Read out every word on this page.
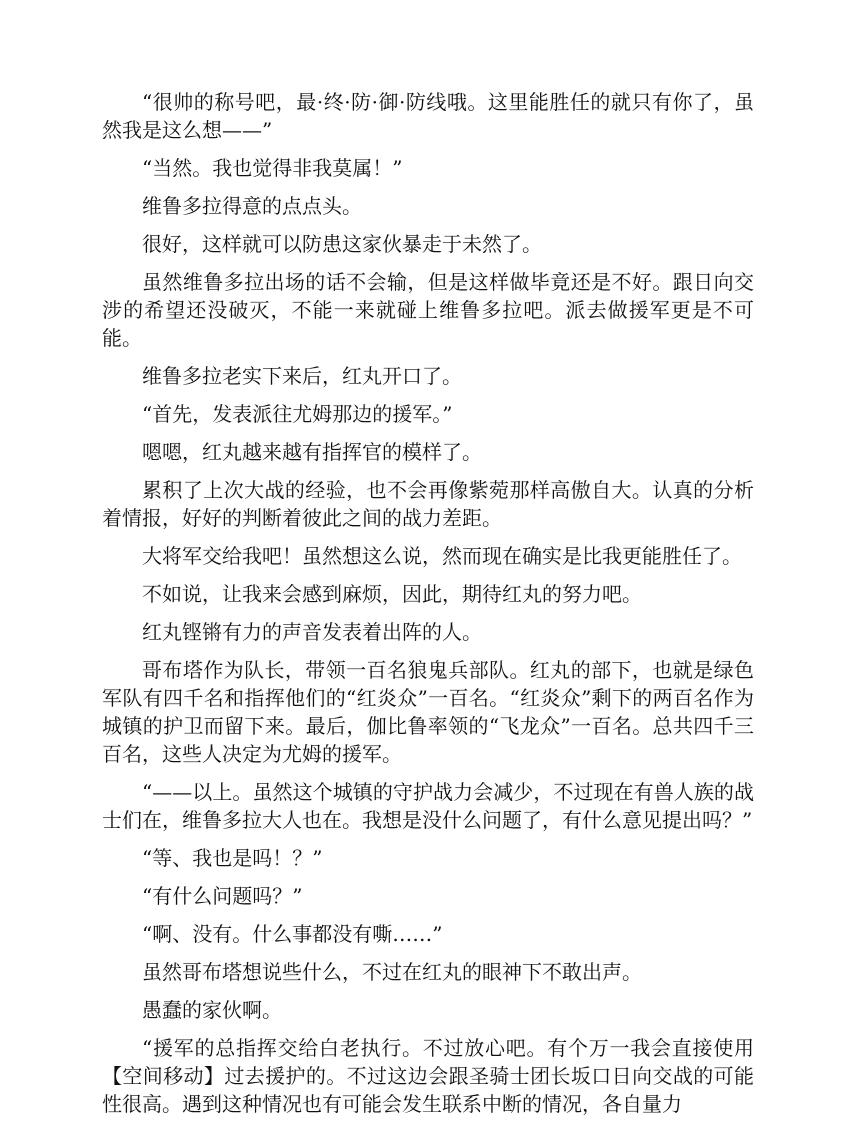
“很帅的称号吧，最·终·防·御·防线哦。这里能胜任的就只有你了，虽然我是这么想——”

“当然。我也觉得非我莫属！”

维鲁多拉得意的点点头。

很好，这样就可以防患这家伙暴走于未然了。

虽然维鲁多拉出场的话不会输，但是这样做毕竟还是不好。跟日向交涉的希望还没破灭，不能一来就碰上维鲁多拉吧。派去做援军更是不可能。

维鲁多拉老实下来后，红丸开口了。

“首先，发表派往尤姆那边的援军。”

嗯嗯，红丸越来越有指挥官的模样了。

累积了上次大战的经验，也不会再像紫菀那样高傲自大。认真的分析着情报，好好的判断着彼此之间的战力差距。

大将军交给我吧！虽然想这么说，然而现在确实是比我更能胜任了。

不如说，让我来会感到麻烦，因此，期待红丸的努力吧。

红丸铿锵有力的声音发表着出阵的人。

哥布塔作为队长，带领一百名狼鬼兵部队。红丸的部下，也就是绿色军队有四千名和指挥他们的“红炎众”一百名。“红炎众”剩下的两百名作为城镇的护卫而留下来。最后，伽比鲁率领的“飞龙众”一百名。总共四千三百名，这些人决定为尤姆的援军。

“——以上。虽然这个城镇的守护战力会减少，不过现在有兽人族的战士们在，维鲁多拉大人也在。我想是没什么问题了，有什么意见提出吗？”

“等、我也是吗！？”

“有什么问题吗？”

“啊、没有。什么事都没有嘶……”

虽然哥布塔想说些什么，不过在红丸的眼神下不敢出声。

愚蠢的家伙啊。

“援军的总指挥交给白老执行。不过放心吧。有个万一我会直接使用【空间移动】过去援护的。不过这边会跟圣骑士团长坂口日向交战的可能性很高。遇到这种情况也有可能会发生联系中断的情况，各自量力
